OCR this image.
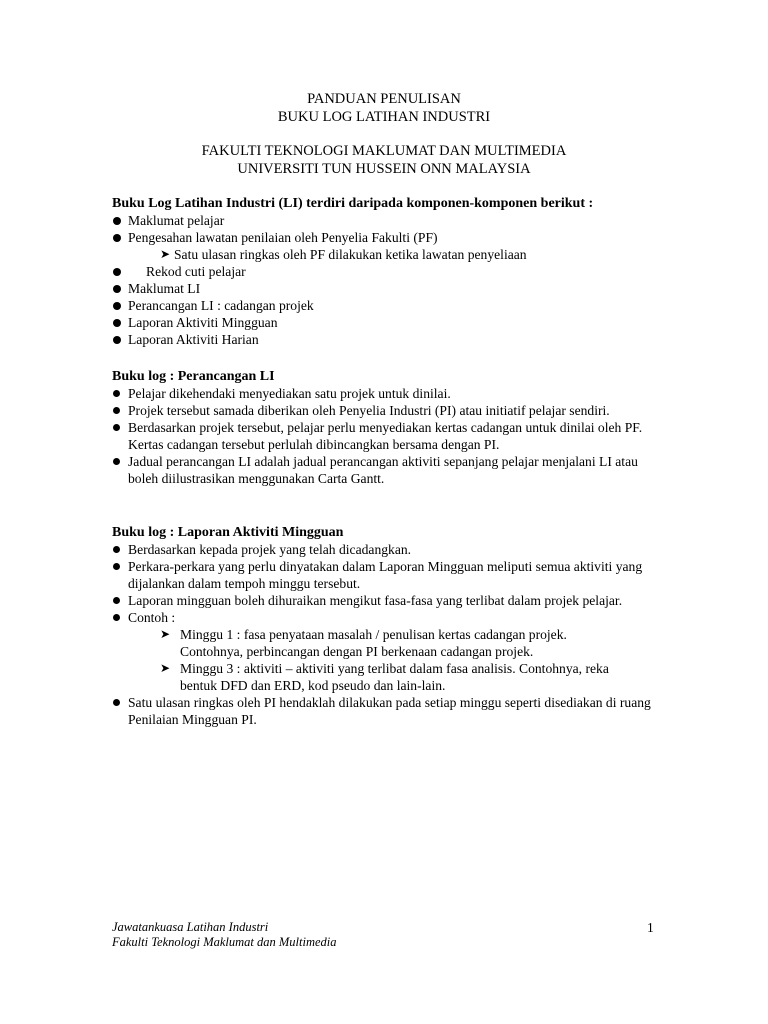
PANDUAN PENULISAN
BUKU LOG LATIHAN INDUSTRI
FAKULTI TEKNOLOGI MAKLUMAT DAN MULTIMEDIA
UNIVERSITI TUN HUSSEIN ONN MALAYSIA
Buku Log Latihan Industri (LI) terdiri daripada komponen-komponen berikut :
Maklumat pelajar
Pengesahan lawatan penilaian oleh Penyelia Fakulti (PF)
➤ Satu ulasan ringkas oleh PF dilakukan ketika lawatan penyeliaan
Rekod cuti pelajar
Maklumat LI
Perancangan LI : cadangan projek
Laporan Aktiviti Mingguan
Laporan Aktiviti Harian
Buku log : Perancangan LI
Pelajar dikehendaki menyediakan satu projek untuk dinilai.
Projek tersebut samada diberikan oleh Penyelia Industri (PI) atau initiatif pelajar sendiri.
Berdasarkan projek tersebut, pelajar perlu menyediakan kertas cadangan untuk dinilai oleh PF. Kertas cadangan tersebut perlulah dibincangkan bersama dengan PI.
Jadual perancangan LI adalah jadual perancangan aktiviti sepanjang pelajar menjalani LI atau boleh diilustrasikan menggunakan Carta Gantt.
Buku log : Laporan Aktiviti Mingguan
Berdasarkan kepada projek yang telah dicadangkan.
Perkara-perkara yang perlu dinyatakan dalam Laporan Mingguan meliputi semua aktiviti yang dijalankan dalam tempoh minggu tersebut.
Laporan mingguan boleh dihuraikan mengikut fasa-fasa yang terlibat dalam projek pelajar.
Contoh :
➤ Minggu 1 : fasa penyataan masalah / penulisan kertas cadangan projek. Contohnya, perbincangan dengan PI berkenaan cadangan projek.
➤ Minggu 3 : aktiviti – aktiviti yang terlibat dalam fasa analisis. Contohnya, reka bentuk DFD dan ERD, kod pseudo dan lain-lain.
Satu ulasan ringkas oleh PI hendaklah dilakukan pada setiap minggu seperti disediakan di ruang Penilaian Mingguan PI.
Jawatankuasa Latihan Industri
Fakulti Teknologi Maklumat dan Multimedia
1
